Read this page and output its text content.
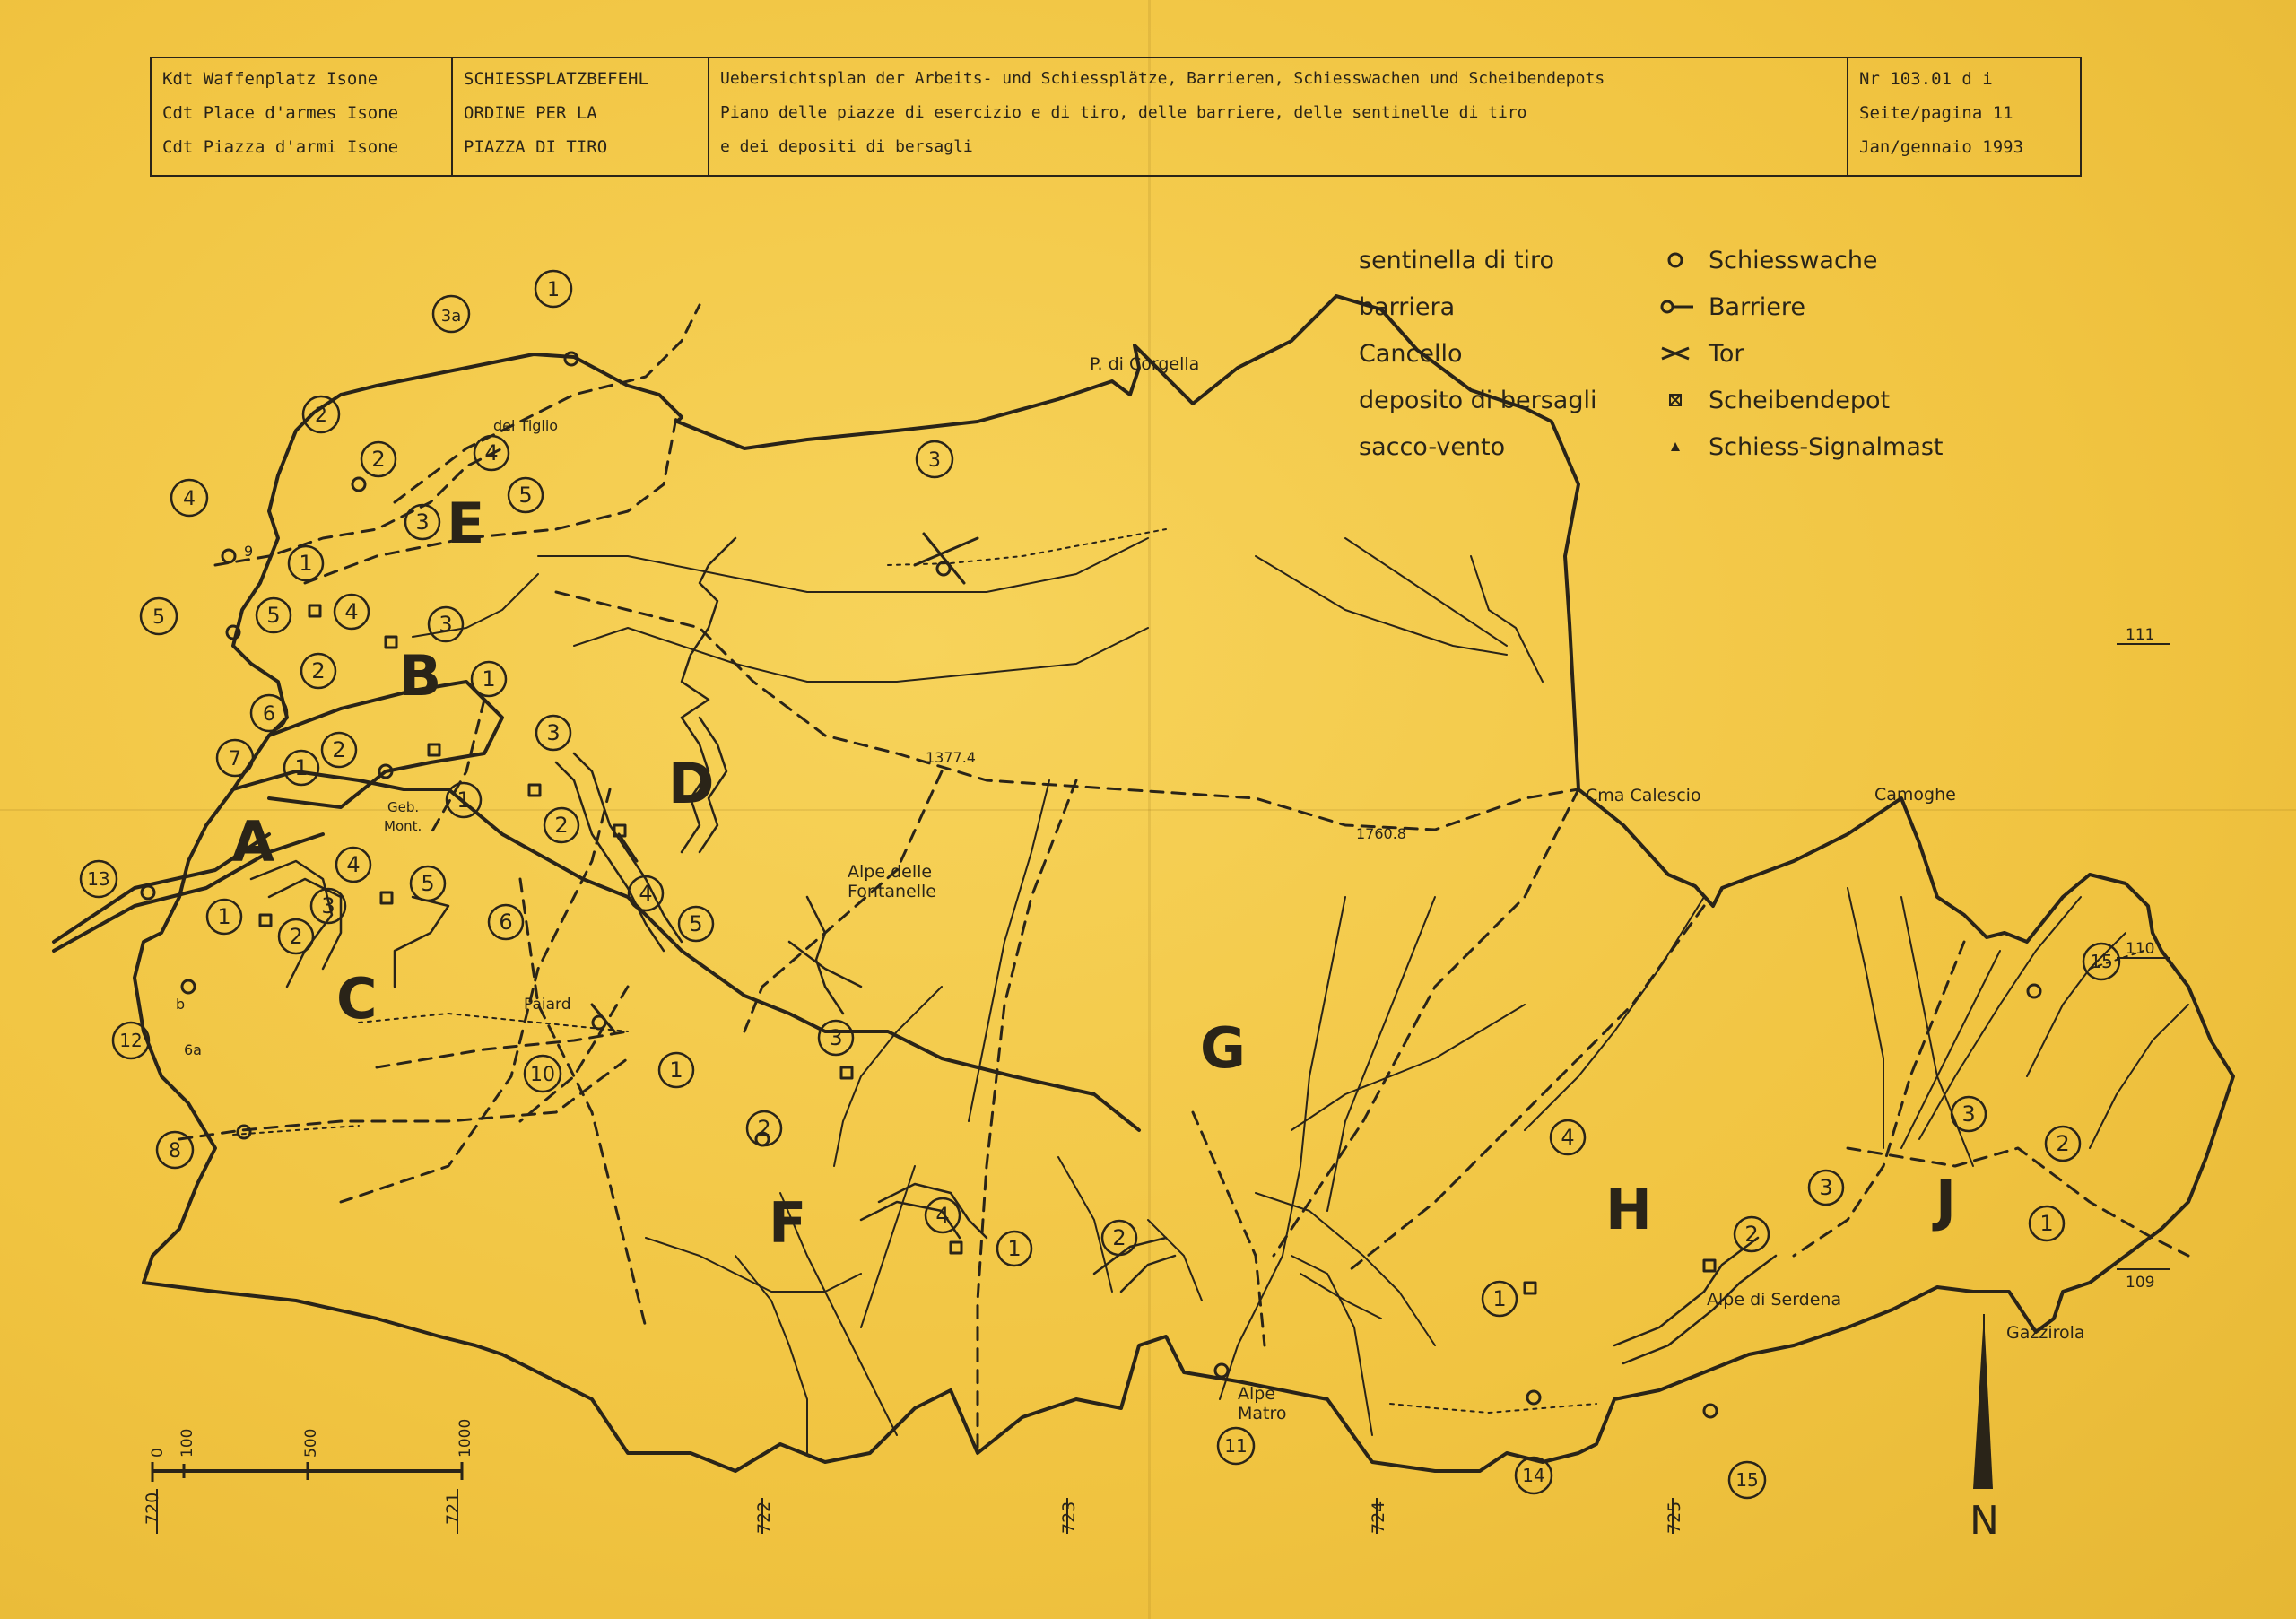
Kdt Waffenplatz Isone
Cdt Place d'armes Isone
Cdt Piazza d'armi Isone
SCHIESSPLATZBEFEHL
ORDINE PER LA
PIAZZA DI TIRO
Uebersichtsplan der Arbeits- und Schiessplätze, Barrieren, Schiesswachen und Scheibendepots
Piano delle piazze di esercizio e di tiro, delle barriere, delle sentinelle di tiro
e dei depositi di bersagli
Nr 103.01 d i
Seite/pagina 11
Jan/gennaio 1993
sentinella di tiro	Schiesswache
barriera	Barriere
Cancello	Tor
deposito di bersagli	Scheibendepot
sacco-vento	Schiess-Signalmast
N
0 100	500	1000
720	721	722	723	724	725
111
110
109
A
B
C
D
E
F
G
H	J
P. di Corgella
del Tiglio
Alpe delle
Fontanelle
Cma Calescio	Camoghe
Alpe di Serdena
Gazzirola
Alpe
Matro
Paiard
Geb.
Mont.
1377.4
1760.8
1
3a
2
4
5
6
7
13
12
8
10
3
11
14	15
15
6a
b
9
2	4
5
3
1
5	4	3
2	1
2
1
1
3
2
4
5
1	3
4
2
5
6
3
1
2
4
1	2
4
1
2
3
3
2
1
